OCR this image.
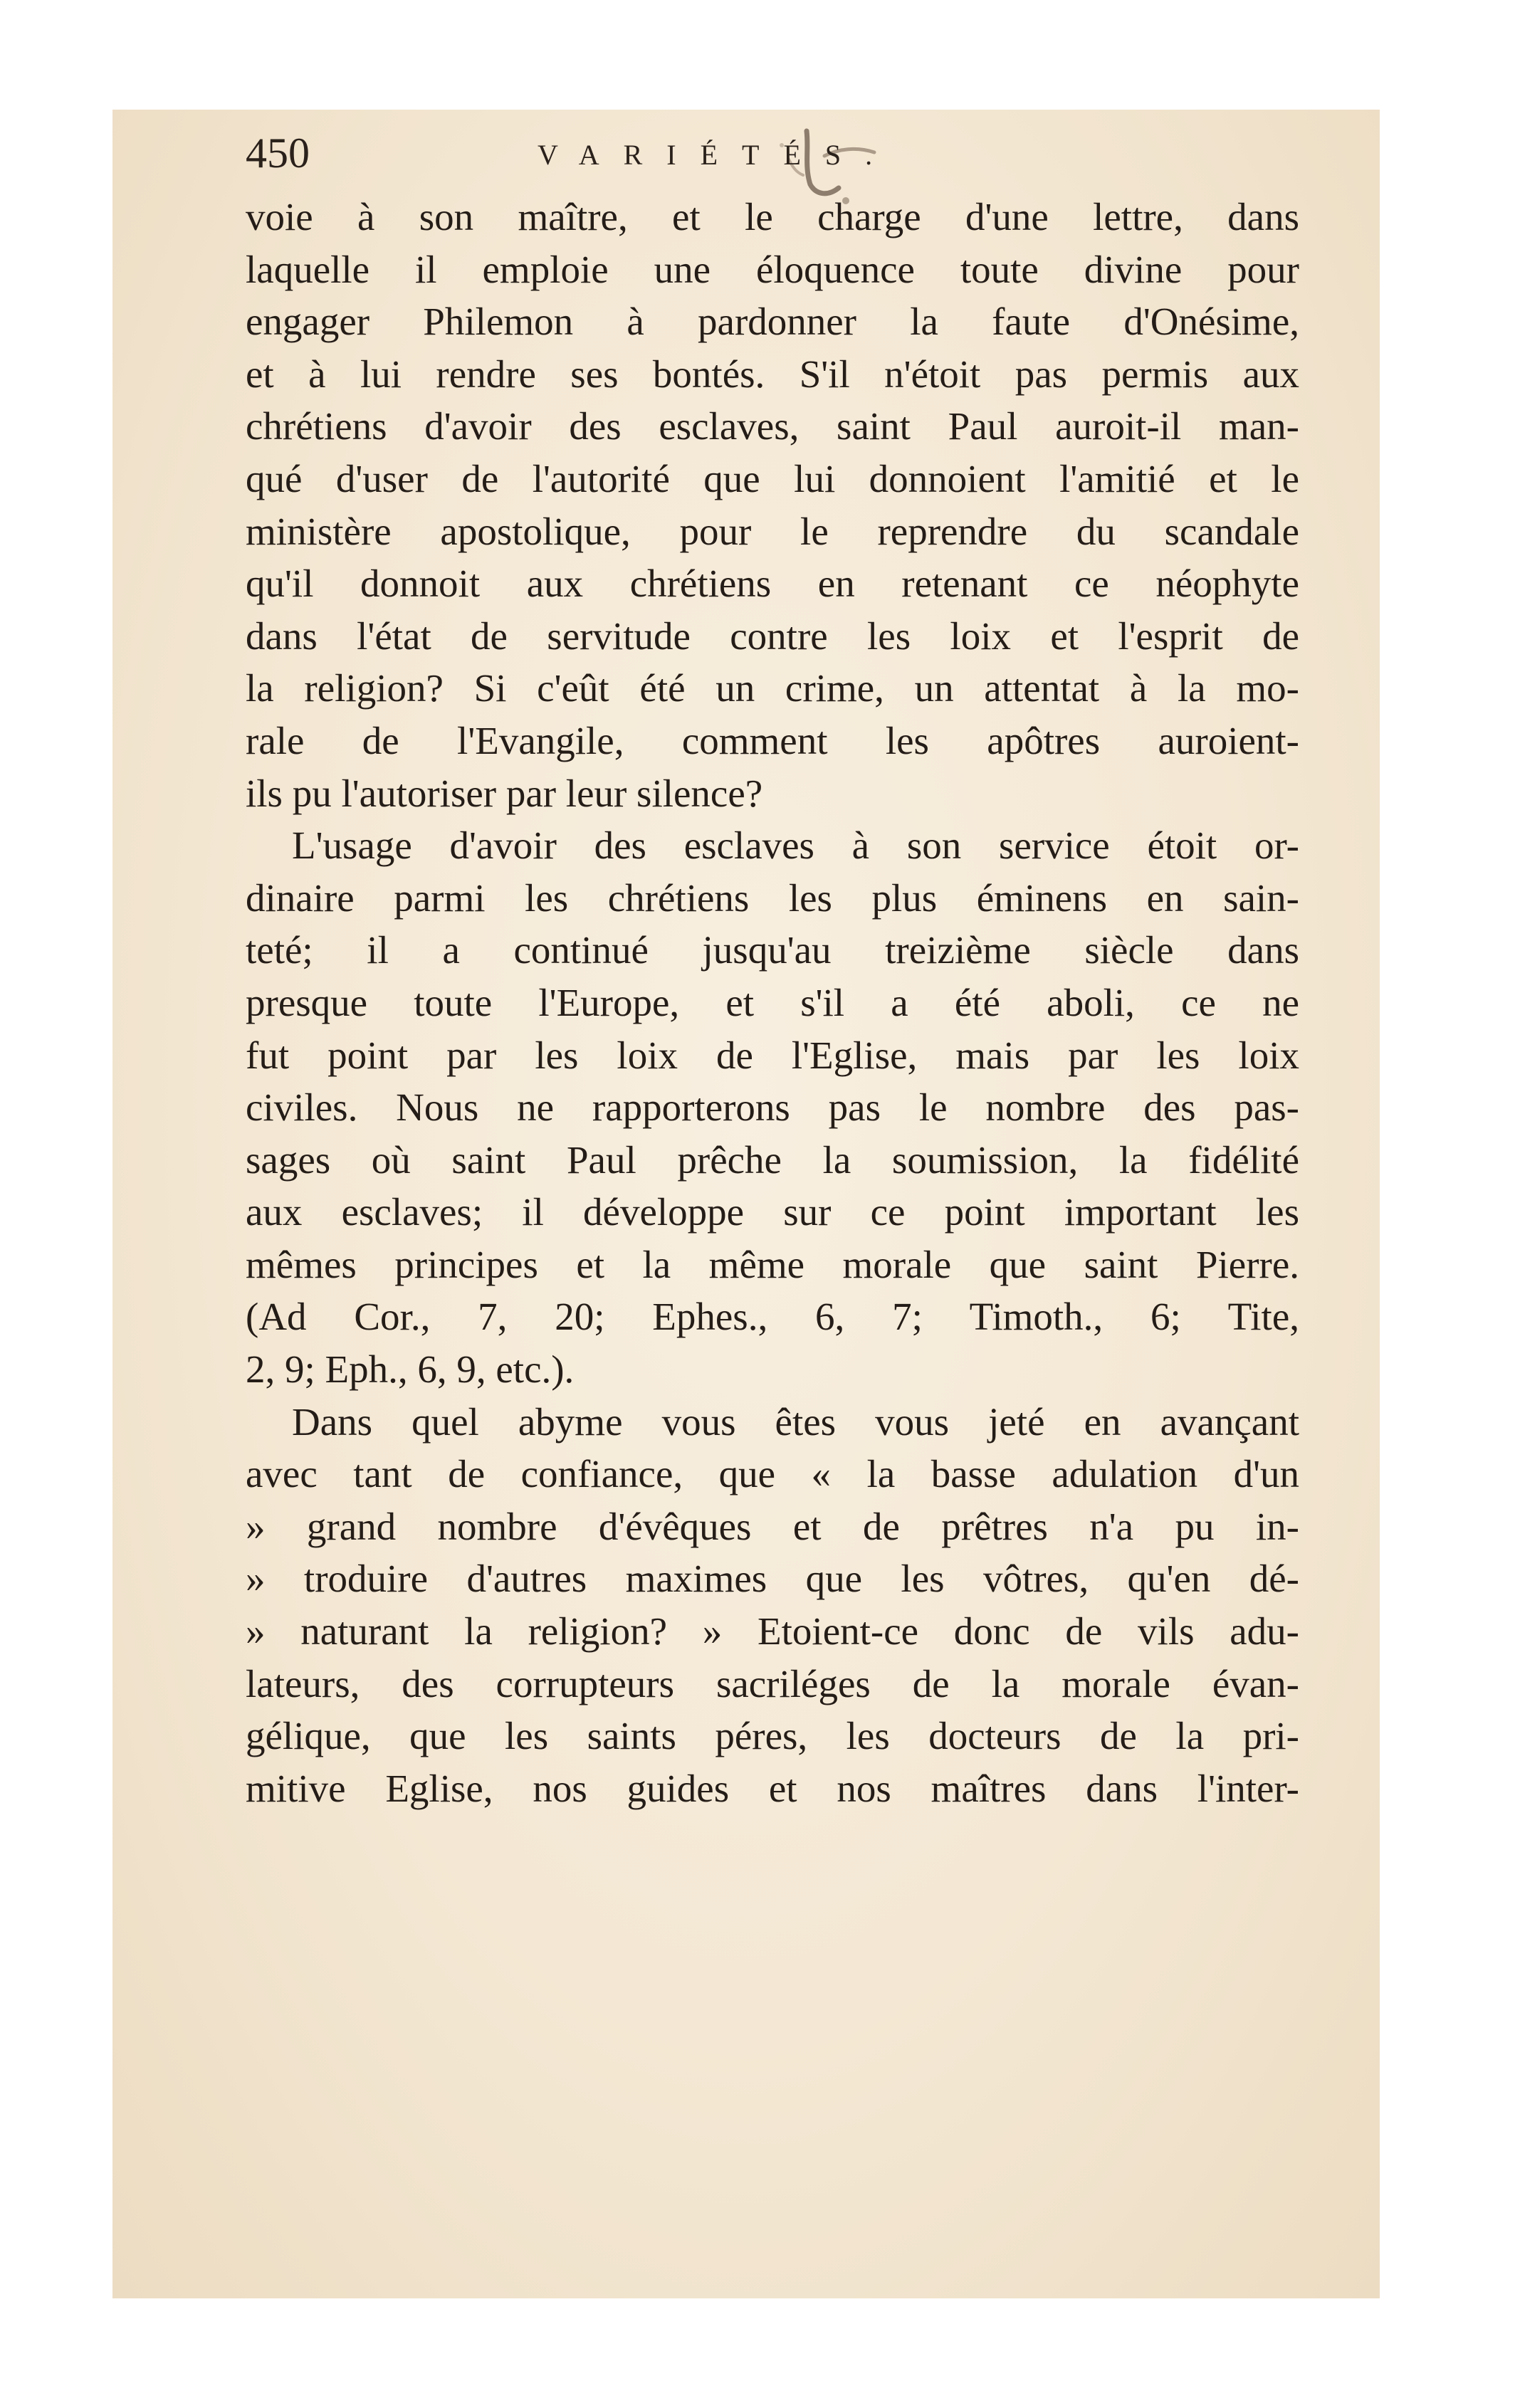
450	VARIÉTÉS.
voie à son maître, et le charge d'une lettre, dans
laquelle il emploie une éloquence toute divine pour
engager Philemon à pardonner la faute d'Onésime,
et à lui rendre ses bontés. S'il n'étoit pas permis aux
chrétiens d'avoir des esclaves, saint Paul auroit-il man-
qué d'user de l'autorité que lui donnoient l'amitié et le
ministère apostolique, pour le reprendre du scandale
qu'il donnoit aux chrétiens en retenant ce néophyte
dans l'état de servitude contre les loix et l'esprit de
la religion? Si c'eût été un crime, un attentat à la mo-
rale de l'Evangile, comment les apôtres auroient-
ils pu l'autoriser par leur silence?
L'usage d'avoir des esclaves à son service étoit or-
dinaire parmi les chrétiens les plus éminens en sain-
teté; il a continué jusqu'au treizième siècle dans
presque toute l'Europe, et s'il a été aboli, ce ne
fut point par les loix de l'Eglise, mais par les loix
civiles. Nous ne rapporterons pas le nombre des pas-
sages où saint Paul prêche la soumission, la fidélité
aux esclaves; il développe sur ce point important les
mêmes principes et la même morale que saint Pierre.
(Ad Cor., 7, 20; Ephes., 6, 7; Timoth., 6; Tite,
2, 9; Eph., 6, 9, etc.).
Dans quel abyme vous êtes vous jeté en avançant
avec tant de confiance, que « la basse adulation d'un
» grand nombre d'évêques et de prêtres n'a pu in-
» troduire d'autres maximes que les vôtres, qu'en dé-
» naturant la religion? » Etoient-ce donc de vils adu-
lateurs, des corrupteurs sacriléges de la morale évan-
gélique, que les saints péres, les docteurs de la pri-
mitive Eglise, nos guides et nos maîtres dans l'inter-
